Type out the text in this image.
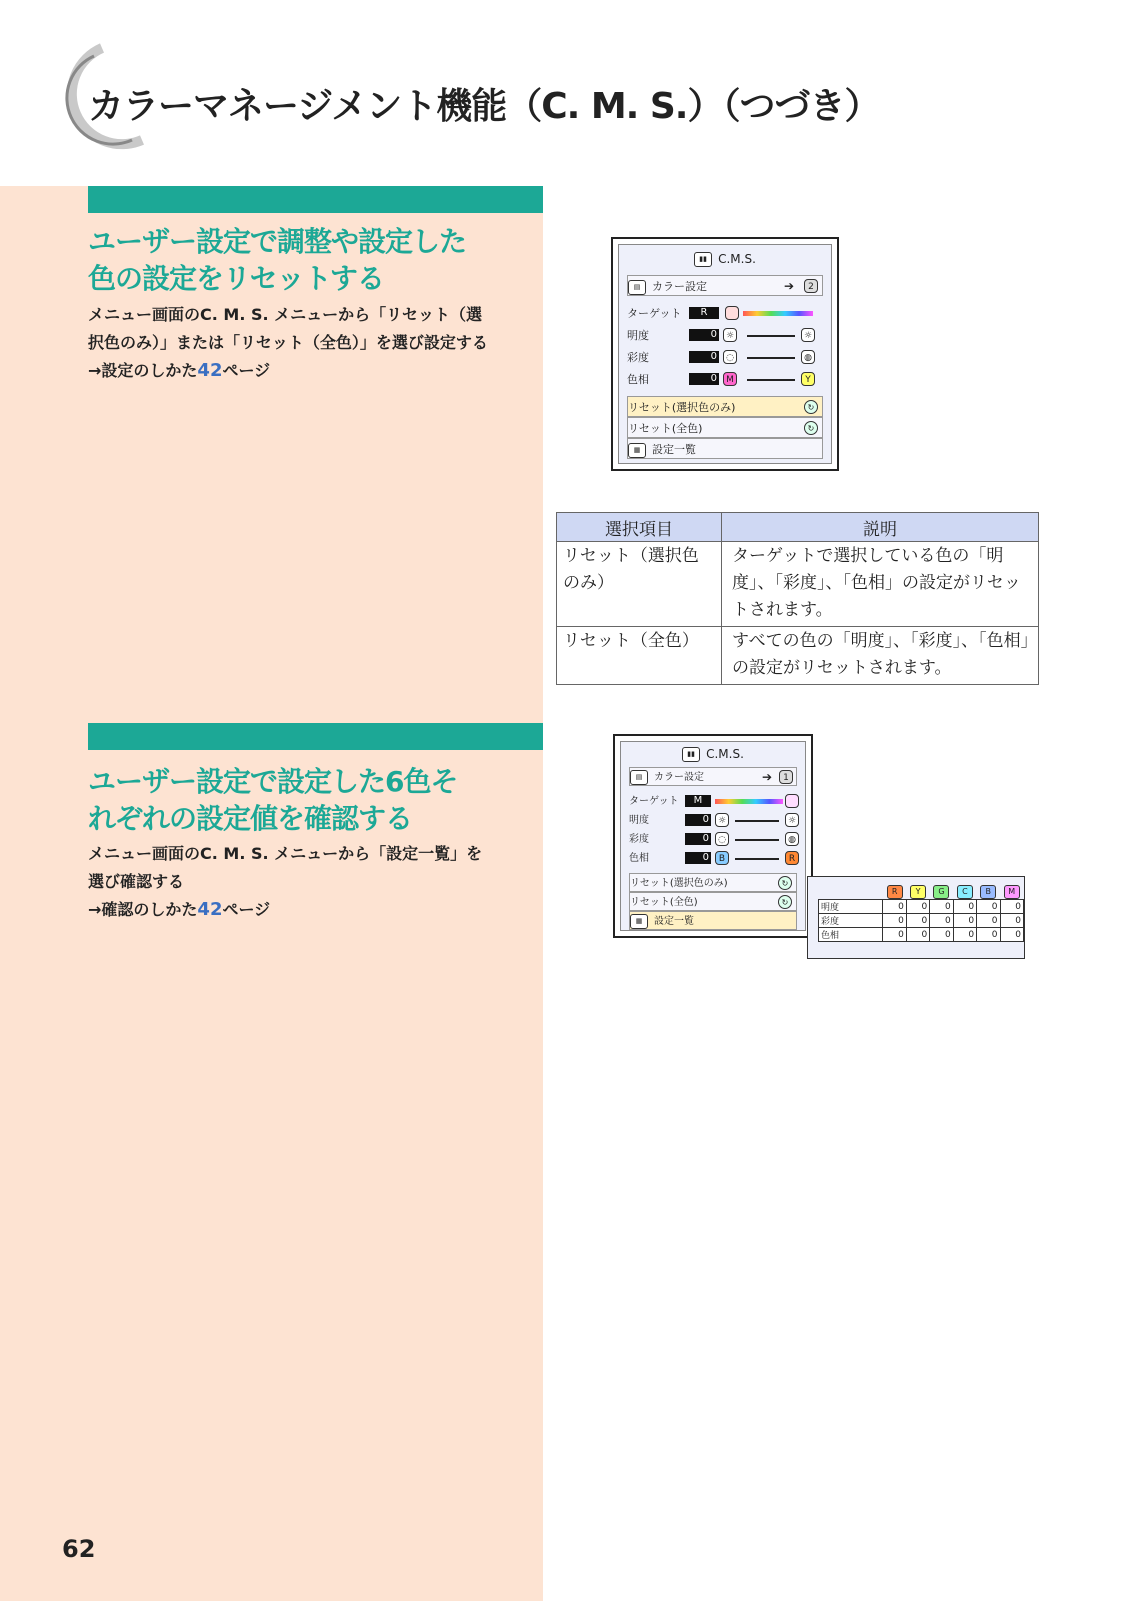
カラーマネージメント機能（C. M. S.）（つづき）
ユーザー設定で調整や設定した
色の設定をリセットする
メニュー画面のC. M. S. メニューから「リセット（選
択色のみ）」または「リセット（全色）」を選び設定する
→設定のしかた42ページ
▮▮ C.M.S.
▤ カラー設定	➔	2
ターゲット	R
明度	0 ☼	☼
彩度	0	◌	◍
色相	0	M	Y
リセット(選択色のみ)	↻
リセット(全色)	↻
▦ 設定一覧
選択項目	説明
リセット（選択色のみ）	ターゲットで選択している色の「明度」、「彩度」、「色相」の設定がリセットされます。
リセット（全色）	すべての色の「明度」、「彩度」、「色相」の設定がリセットされます。
ユーザー設定で設定した6色そ
れぞれの設定値を確認する
メニュー画面のC. M. S. メニューから「設定一覧」を
選び確認する
→確認のしかた42ページ
▮▮ C.M.S.
▤ カラー設定	➔	1
ターゲット	M
明度	0 ☼	☼
彩度	0	◌	◍
色相	0	B	R
リセット(選択色のみ)	↻
リセット(全色)	↻
▦ 設定一覧
	R	Y	G	C	B	M
明度	0	0	0	0	0	0
彩度	0	0	0	0	0	0
色相	0	0	0	0	0	0
62
